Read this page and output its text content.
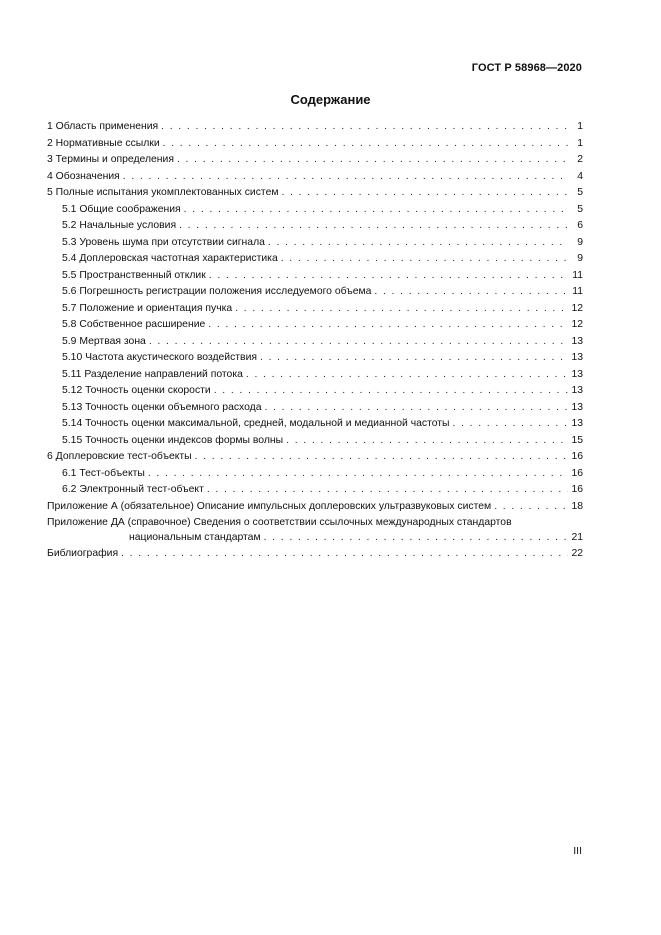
ГОСТ Р 58968—2020
Содержание
1 Область применения . . .	1
2 Нормативные ссылки . . .	1
3 Термины и определения . . .	2
4 Обозначения . . .	4
5 Полные испытания укомплектованных систем . . .	5
5.1 Общие соображения . . .	5
5.2 Начальные условия . . .	6
5.3 Уровень шума при отсутствии сигнала . . .	9
5.4 Доплеровская частотная характеристика . . .	9
5.5 Пространственный отклик . . .	11
5.6 Погрешность регистрации положения исследуемого объема . . .	11
5.7 Положение и ориентация пучка . . .	12
5.8 Собственное расширение . . .	12
5.9 Мертвая зона . . .	13
5.10 Частота акустического воздействия . . .	13
5.11 Разделение направлений потока . . .	13
5.12 Точность оценки скорости . . .	13
5.13 Точность оценки объемного расхода . . .	13
5.14 Точность оценки максимальной, средней, модальной и медианной частоты . . .	13
5.15 Точность оценки индексов формы волны . . .	15
6 Доплеровские тест-объекты . . .	16
6.1 Тест-объекты . . .	16
6.2 Электронный тест-объект . . .	16
Приложение А (обязательное) Описание импульсных доплеровских ультразвуковых систем . . .	18
Приложение ДА (справочное) Сведения о соответствии ссылочных международных стандартов
национальным стандартам . . .	21
Библиография . . .	22
III
